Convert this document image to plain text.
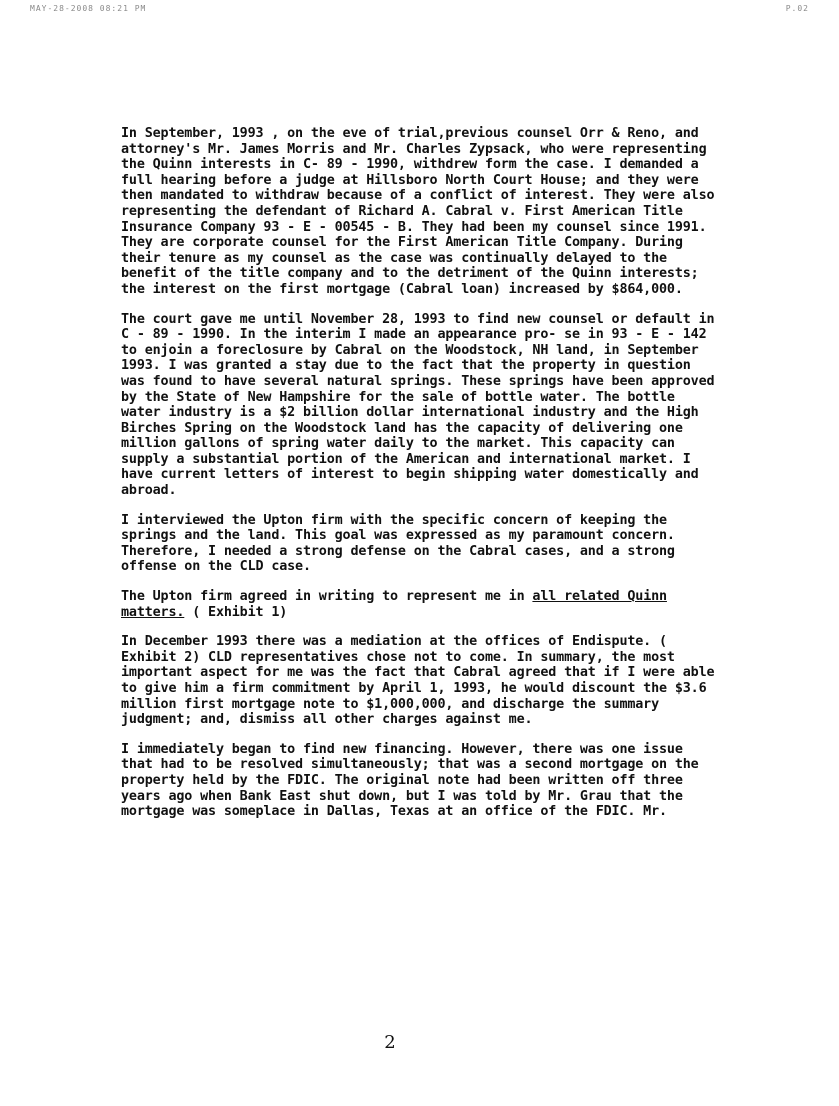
MAY-28-2008 08:21 PM	P.02

In September, 1993 , on the eve of trial,previous counsel Orr & Reno, and attorney's Mr. James Morris and Mr. Charles Zypsack, who were representing the Quinn interests in C- 89 - 1990, withdrew form the case. I demanded a full hearing before a judge at Hillsboro North Court House; and they were then mandated to withdraw because of a conflict of interest. They were also representing the defendant of Richard A. Cabral v. First American Title Insurance Company 93 - E - 00545 - B. They had been my counsel since 1991. They are corporate counsel for the First American Title Company. During their tenure as my counsel as the case was continually delayed to the benefit of the title company and to the detriment of the Quinn interests; the interest on the first mortgage (Cabral loan) increased by $864,000.

The court gave me until November 28, 1993 to find new counsel or default in C - 89 - 1990. In the interim I made an appearance pro- se in 93 - E - 142 to enjoin a foreclosure by Cabral on the Woodstock, NH land, in September 1993. I was granted a stay due to the fact that the property in question was found to have several natural springs. These springs have been approved by the State of New Hampshire for the sale of bottle water. The bottle water industry is a $2 billion dollar international industry and the High Birches Spring on the Woodstock land has the capacity of delivering one million gallons of spring water daily to the market. This capacity can supply a substantial portion of the American and international market. I have current letters of interest to begin shipping water domestically and abroad.

I interviewed the Upton firm with the specific concern of keeping the springs and the land. This goal was expressed as my paramount concern. Therefore, I needed a strong defense on the Cabral cases, and a strong offense on the CLD case.

The Upton firm agreed in writing to represent me in all related Quinn matters. ( Exhibit 1)

In December 1993 there was a mediation at the offices of Endispute. ( Exhibit 2) CLD representatives chose not to come. In summary, the most important aspect for me was the fact that Cabral agreed that if I were able to give him a firm commitment by April 1, 1993, he would discount the $3.6 million first mortgage note to $1,000,000, and discharge the summary judgment; and, dismiss all other charges against me.

I immediately began to find new financing. However, there was one issue that had to be resolved simultaneously; that was a second mortgage on the property held by the FDIC. The original note had been written off three years ago when Bank East shut down, but I was told by Mr. Grau that the mortgage was someplace in Dallas, Texas at an office of the FDIC. Mr.

2
